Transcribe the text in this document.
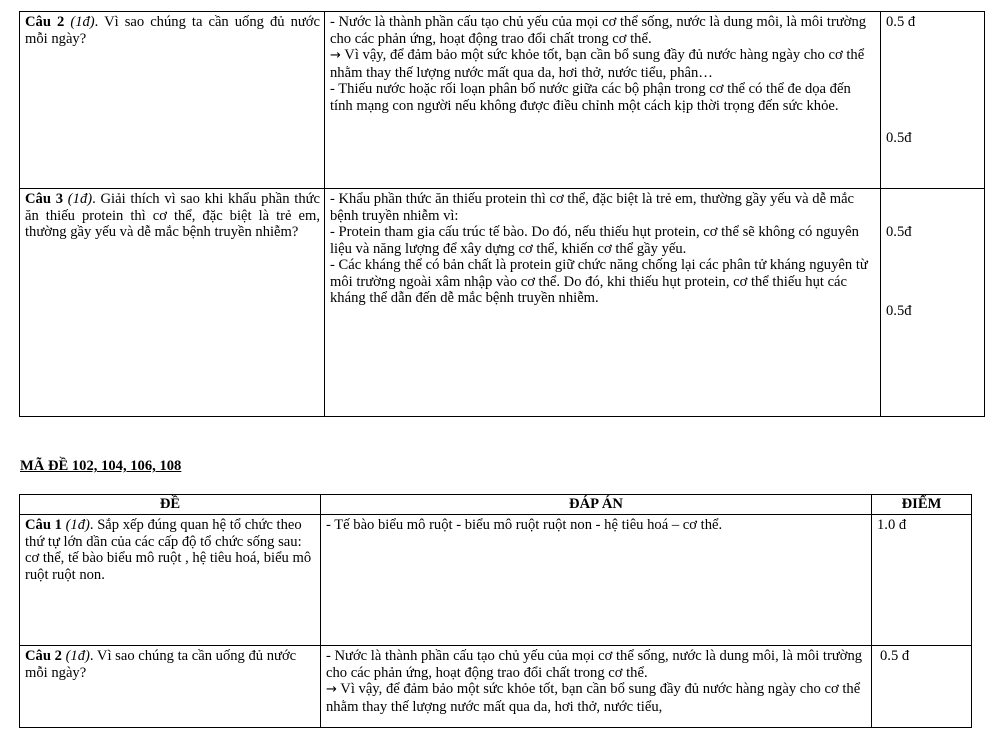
Câu 2 (1đ). Vì sao chúng ta cần uống đủ nước mỗi ngày?	- Nước là thành phần cấu tạo chủ yếu của mọi cơ thể sống, nước là dung môi, là môi trường cho các phản ứng, hoạt động trao đổi chất trong cơ thể.
→ Vì vậy, để đảm bảo một sức khỏe tốt, bạn cần bổ sung đầy đủ nước hàng ngày cho cơ thể nhằm thay thế lượng nước mất qua da, hơi thở, nước tiểu, phân…
- Thiếu nước hoặc rối loạn phân bố nước giữa các bộ phận trong cơ thể có thể đe dọa đến tính mạng con người nếu không được điều chỉnh một cách kịp thời trọng đến sức khỏe.	0.5 đ
0.5đ

Câu 3 (1đ). Giải thích vì sao khi khẩu phần thức ăn thiếu protein thì cơ thể, đặc biệt là trẻ em, thường gầy yếu và dễ mắc bệnh truyền nhiễm?	- Khẩu phần thức ăn thiếu protein thì cơ thể, đặc biệt là trẻ em, thường gầy yếu và dễ mắc bệnh truyền nhiễm vì:
- Protein tham gia cấu trúc tế bào. Do đó, nếu thiếu hụt protein, cơ thể sẽ không có nguyên liệu và năng lượng để xây dựng cơ thể, khiến cơ thể gầy yếu.
- Các kháng thể có bản chất là protein giữ chức năng chống lại các phân tử kháng nguyên từ môi trường ngoài xâm nhập vào cơ thể. Do đó, khi thiếu hụt protein, cơ thể thiếu hụt các kháng thể dẫn đến dễ mắc bệnh truyền nhiễm.	0.5đ
0.5đ
MÃ ĐỀ 102, 104, 106, 108
ĐỀ	ĐÁP ÁN	ĐIỂM
Câu 1 (1đ). Sắp xếp đúng quan hệ tổ chức theo thứ tự lớn dần của các cấp độ tổ chức sống sau: cơ thể, tế bào biểu mô ruột , hệ tiêu hoá, biểu mô ruột ruột non.	- Tế bào biểu mô ruột - biểu mô ruột ruột non - hệ tiêu hoá – cơ thể.	1.0 đ

Câu 2 (1đ). Vì sao chúng ta cần uống đủ nước mỗi ngày?	- Nước là thành phần cấu tạo chủ yếu của mọi cơ thể sống, nước là dung môi, là môi trường cho các phản ứng, hoạt động trao đổi chất trong cơ thể.
→ Vì vậy, để đảm bảo một sức khỏe tốt, bạn cần bổ sung đầy đủ nước hàng ngày cho cơ thể nhằm thay thế lượng nước mất qua da, hơi thở, nước tiểu,	0.5 đ
